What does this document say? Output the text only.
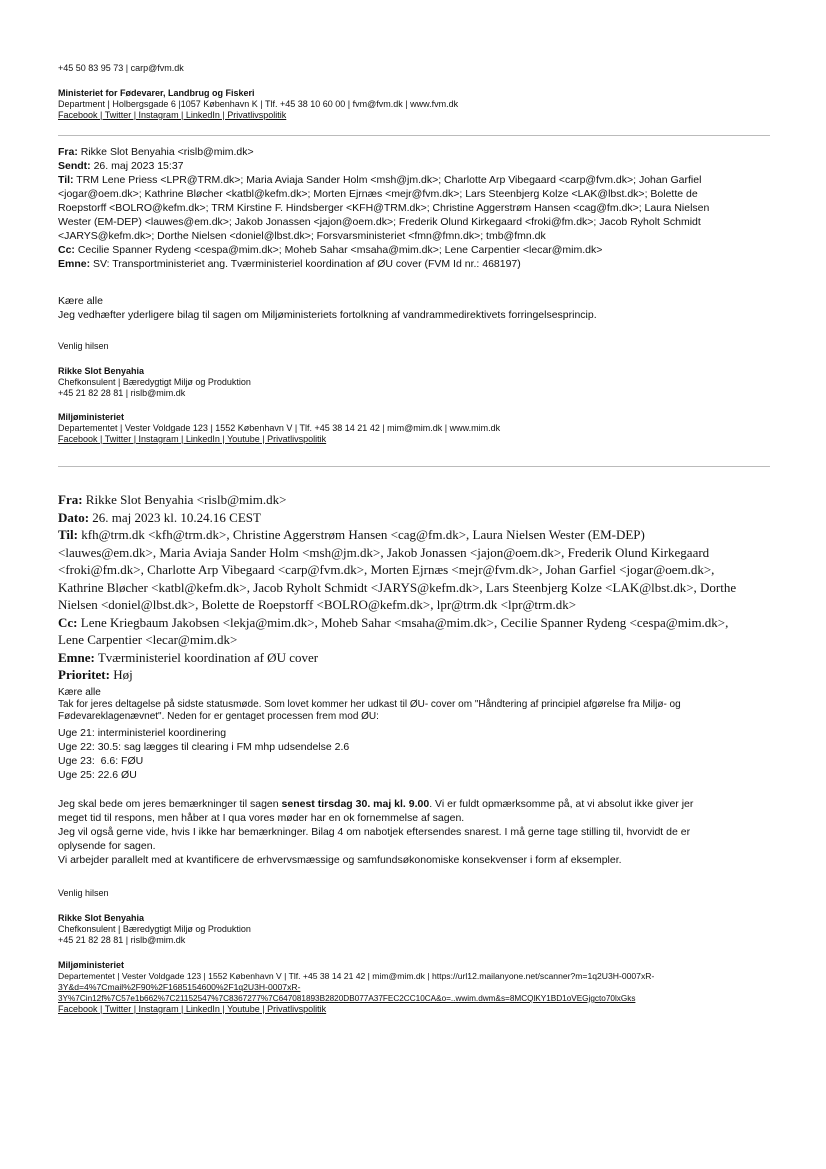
+45 50 83 95 73 | carp@fvm.dk
Ministeriet for Fødevarer, Landbrug og Fiskeri
Department | Holbergsgade 6 |1057 København K | Tlf. +45 38 10 60 00 | fvm@fvm.dk | www.fvm.dk
Facebook | Twitter | Instagram | LinkedIn | Privatlivspolitik
Fra: Rikke Slot Benyahia <rislb@mim.dk>
Sendt: 26. maj 2023 15:37
Til: TRM Lene Priess <LPR@TRM.dk>; Maria Aviaja Sander Holm <msh@jm.dk>; Charlotte Arp Vibegaard <carp@fvm.dk>; Johan Garfiel
<jogar@oem.dk>; Kathrine Bløcher <katbl@kefm.dk>; Morten Ejrnæs <mejr@fvm.dk>; Lars Steenbjerg Kolze <LAK@lbst.dk>; Bolette de
Roepstorff <BOLRO@kefm.dk>; TRM Kirstine F. Hindsberger <KFH@TRM.dk>; Christine Aggerstrøm Hansen <cag@fm.dk>; Laura Nielsen
Wester (EM-DEP) <lauwes@em.dk>; Jakob Jonassen <jajon@oem.dk>; Frederik Olund Kirkegaard <froki@fm.dk>; Jacob Ryholt Schmidt
<JARYS@kefm.dk>; Dorthe Nielsen <doniel@lbst.dk>; Forsvarsministeriet <fmn@fmn.dk>; tmb@fmn.dk
Cc: Cecilie Spanner Rydeng <cespa@mim.dk>; Moheb Sahar <msaha@mim.dk>; Lene Carpentier <lecar@mim.dk>
Emne: SV: Transportministeriet ang. Tværministeriel koordination af ØU cover (FVM Id nr.: 468197)
Kære alle
Jeg vedhæfter yderligere bilag til sagen om Miljøministeriets fortolkning af vandrammedirektivets forringelsesprincip.
Venlig hilsen
Rikke Slot Benyahia
Chefkonsulent | Bæredygtigt Miljø og Produktion
+45 21 82 28 81 | rislb@mim.dk
Miljøministeriet
Departementet | Vester Voldgade 123 | 1552 København V | Tlf. +45 38 14 21 42 | mim@mim.dk | www.mim.dk
Facebook | Twitter | Instagram | LinkedIn | Youtube | Privatlivspolitik
Fra: Rikke Slot Benyahia <rislb@mim.dk>
Dato: 26. maj 2023 kl. 10.24.16 CEST
Til: kfh@trm.dk <kfh@trm.dk>, Christine Aggerstrøm Hansen <cag@fm.dk>, Laura Nielsen Wester (EM-DEP)
<lauwes@em.dk>, Maria Aviaja Sander Holm <msh@jm.dk>, Jakob Jonassen <jajon@oem.dk>, Frederik Olund Kirkegaard
<froki@fm.dk>, Charlotte Arp Vibegaard <carp@fvm.dk>, Morten Ejrnæs <mejr@fvm.dk>, Johan Garfiel <jogar@oem.dk>,
Kathrine Bløcher <katbl@kefm.dk>, Jacob Ryholt Schmidt <JARYS@kefm.dk>, Lars Steenbjerg Kolze <LAK@lbst.dk>, Dorthe
Nielsen <doniel@lbst.dk>, Bolette de Roepstorff <BOLRO@kefm.dk>, lpr@trm.dk <lpr@trm.dk>
Cc: Lene Kriegbaum Jakobsen <lekja@mim.dk>, Moheb Sahar <msaha@mim.dk>, Cecilie Spanner Rydeng <cespa@mim.dk>,
Lene Carpentier <lecar@mim.dk>
Emne: Tværministeriel koordination af ØU cover
Prioritet: Høj
Kære alle
Tak for jeres deltagelse på sidste statusmøde. Som lovet kommer her udkast til ØU- cover om "Håndtering af principiel afgørelse fra Miljø- og
Fødevareklagenævnet". Neden for er gentaget processen frem mod ØU:
Uge 21: interministeriel koordinering
Uge 22: 30.5: sag lægges til clearing i FM mhp udsendelse 2.6
Uge 23:  6.6: FØU
Uge 25: 22.6 ØU
Jeg skal bede om jeres bemærkninger til sagen senest tirsdag 30. maj kl. 9.00. Vi er fuldt opmærksomme på, at vi absolut ikke giver jer
meget tid til respons, men håber at I qua vores møder har en ok fornemmelse af sagen.
Jeg vil også gerne vide, hvis I ikke har bemærkninger. Bilag 4 om nabotjek eftersendes snarest. I må gerne tage stilling til, hvorvidt de er
oplysende for sagen.
Vi arbejder parallelt med at kvantificere de erhvervsmæssige og samfundsøkonomiske konsekvenser i form af eksempler.
Venlig hilsen
Rikke Slot Benyahia
Chefkonsulent | Bæredygtigt Miljø og Produktion
+45 21 82 28 81 | rislb@mim.dk
Miljøministeriet
Departementet | Vester Voldgade 123 | 1552 København V | Tlf. +45 38 14 21 42 | mim@mim.dk | https://url12.mailanyone.net/scanner?m=1q2U3H-0007xR-
3Y&d=4%7Cmail%2F90%2F1685154600%2F1q2U3H-0007xR-
3Y%7Cin12f%7C57e1b662%7C21152547%7C8367277%7C647081893B2820DB077A37FEC2CC10CA&o=..wwim.dwm&s=8MCQlKY1BD1oVEGjgcto70lxGks
Facebook | Twitter | Instagram | LinkedIn | Youtube | Privatlivspolitik
